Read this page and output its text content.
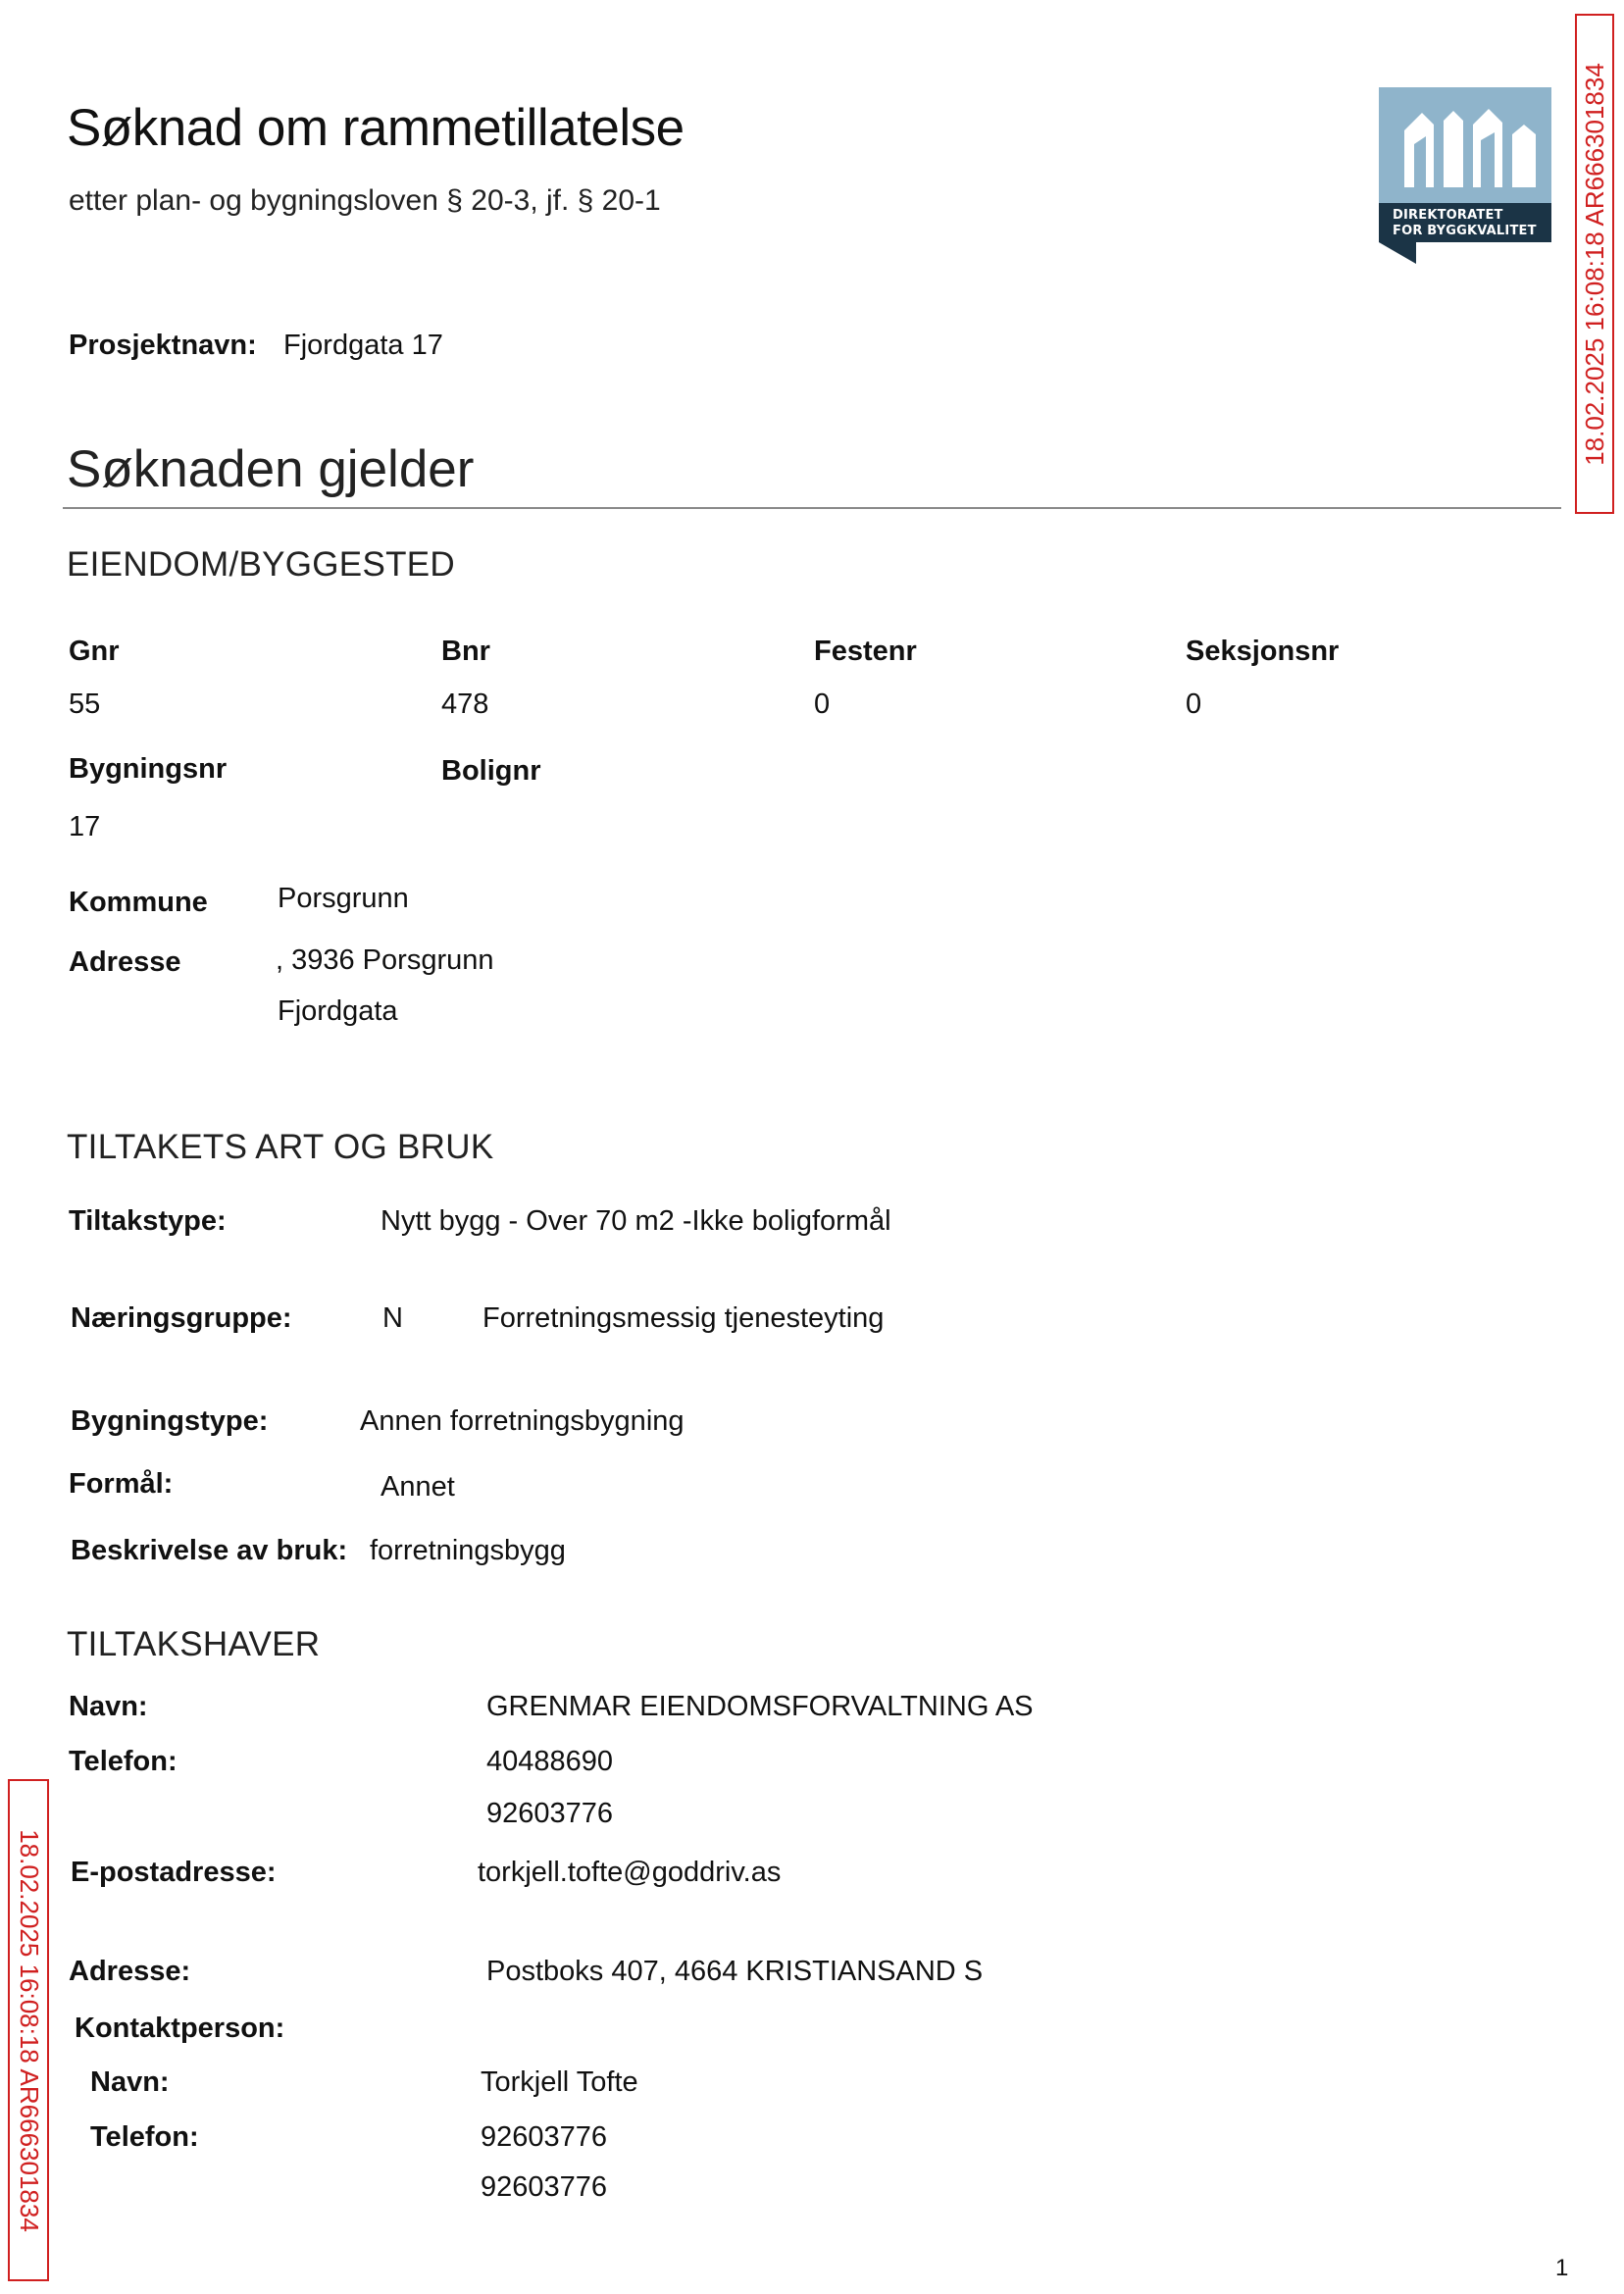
Søknad om rammetillatelse
etter plan- og bygningsloven § 20-3, jf. § 20-1	DIREKTORATET
FOR BYGGKVALITET 18.02.2025 16:08:18 AR666301834
18.02.2025 16:08:18 AR666301834
Prosjektnavn: Fjordgata 17
Søknaden gjelder
EIENDOM/BYGGESTED
Gnr	Bnr	Festenr	Seksjonsnr
55	478	0	0
Bygningsnr	Bolignr
17
Kommune Porsgrunn
Adresse	, 3936 Porsgrunn
Fjordgata
TILTAKETS ART OG BRUK
Tiltakstype:	Nytt bygg - Over 70 m2 -Ikke boligformål
Næringsgruppe:	N	Forretningsmessig tjenesteyting
Bygningstype:	Annen forretningsbygning
Formål:	Annet
Beskrivelse av bruk: forretningsbygg
TILTAKSHAVER
Navn:	GRENMAR EIENDOMSFORVALTNING AS
Telefon:	40488690
92603776
E-postadresse:	torkjell.tofte@goddriv.as
Adresse:	Postboks 407, 4664 KRISTIANSAND S
Kontaktperson:
Navn:	Torkjell Tofte
Telefon:	92603776
92603776
1
